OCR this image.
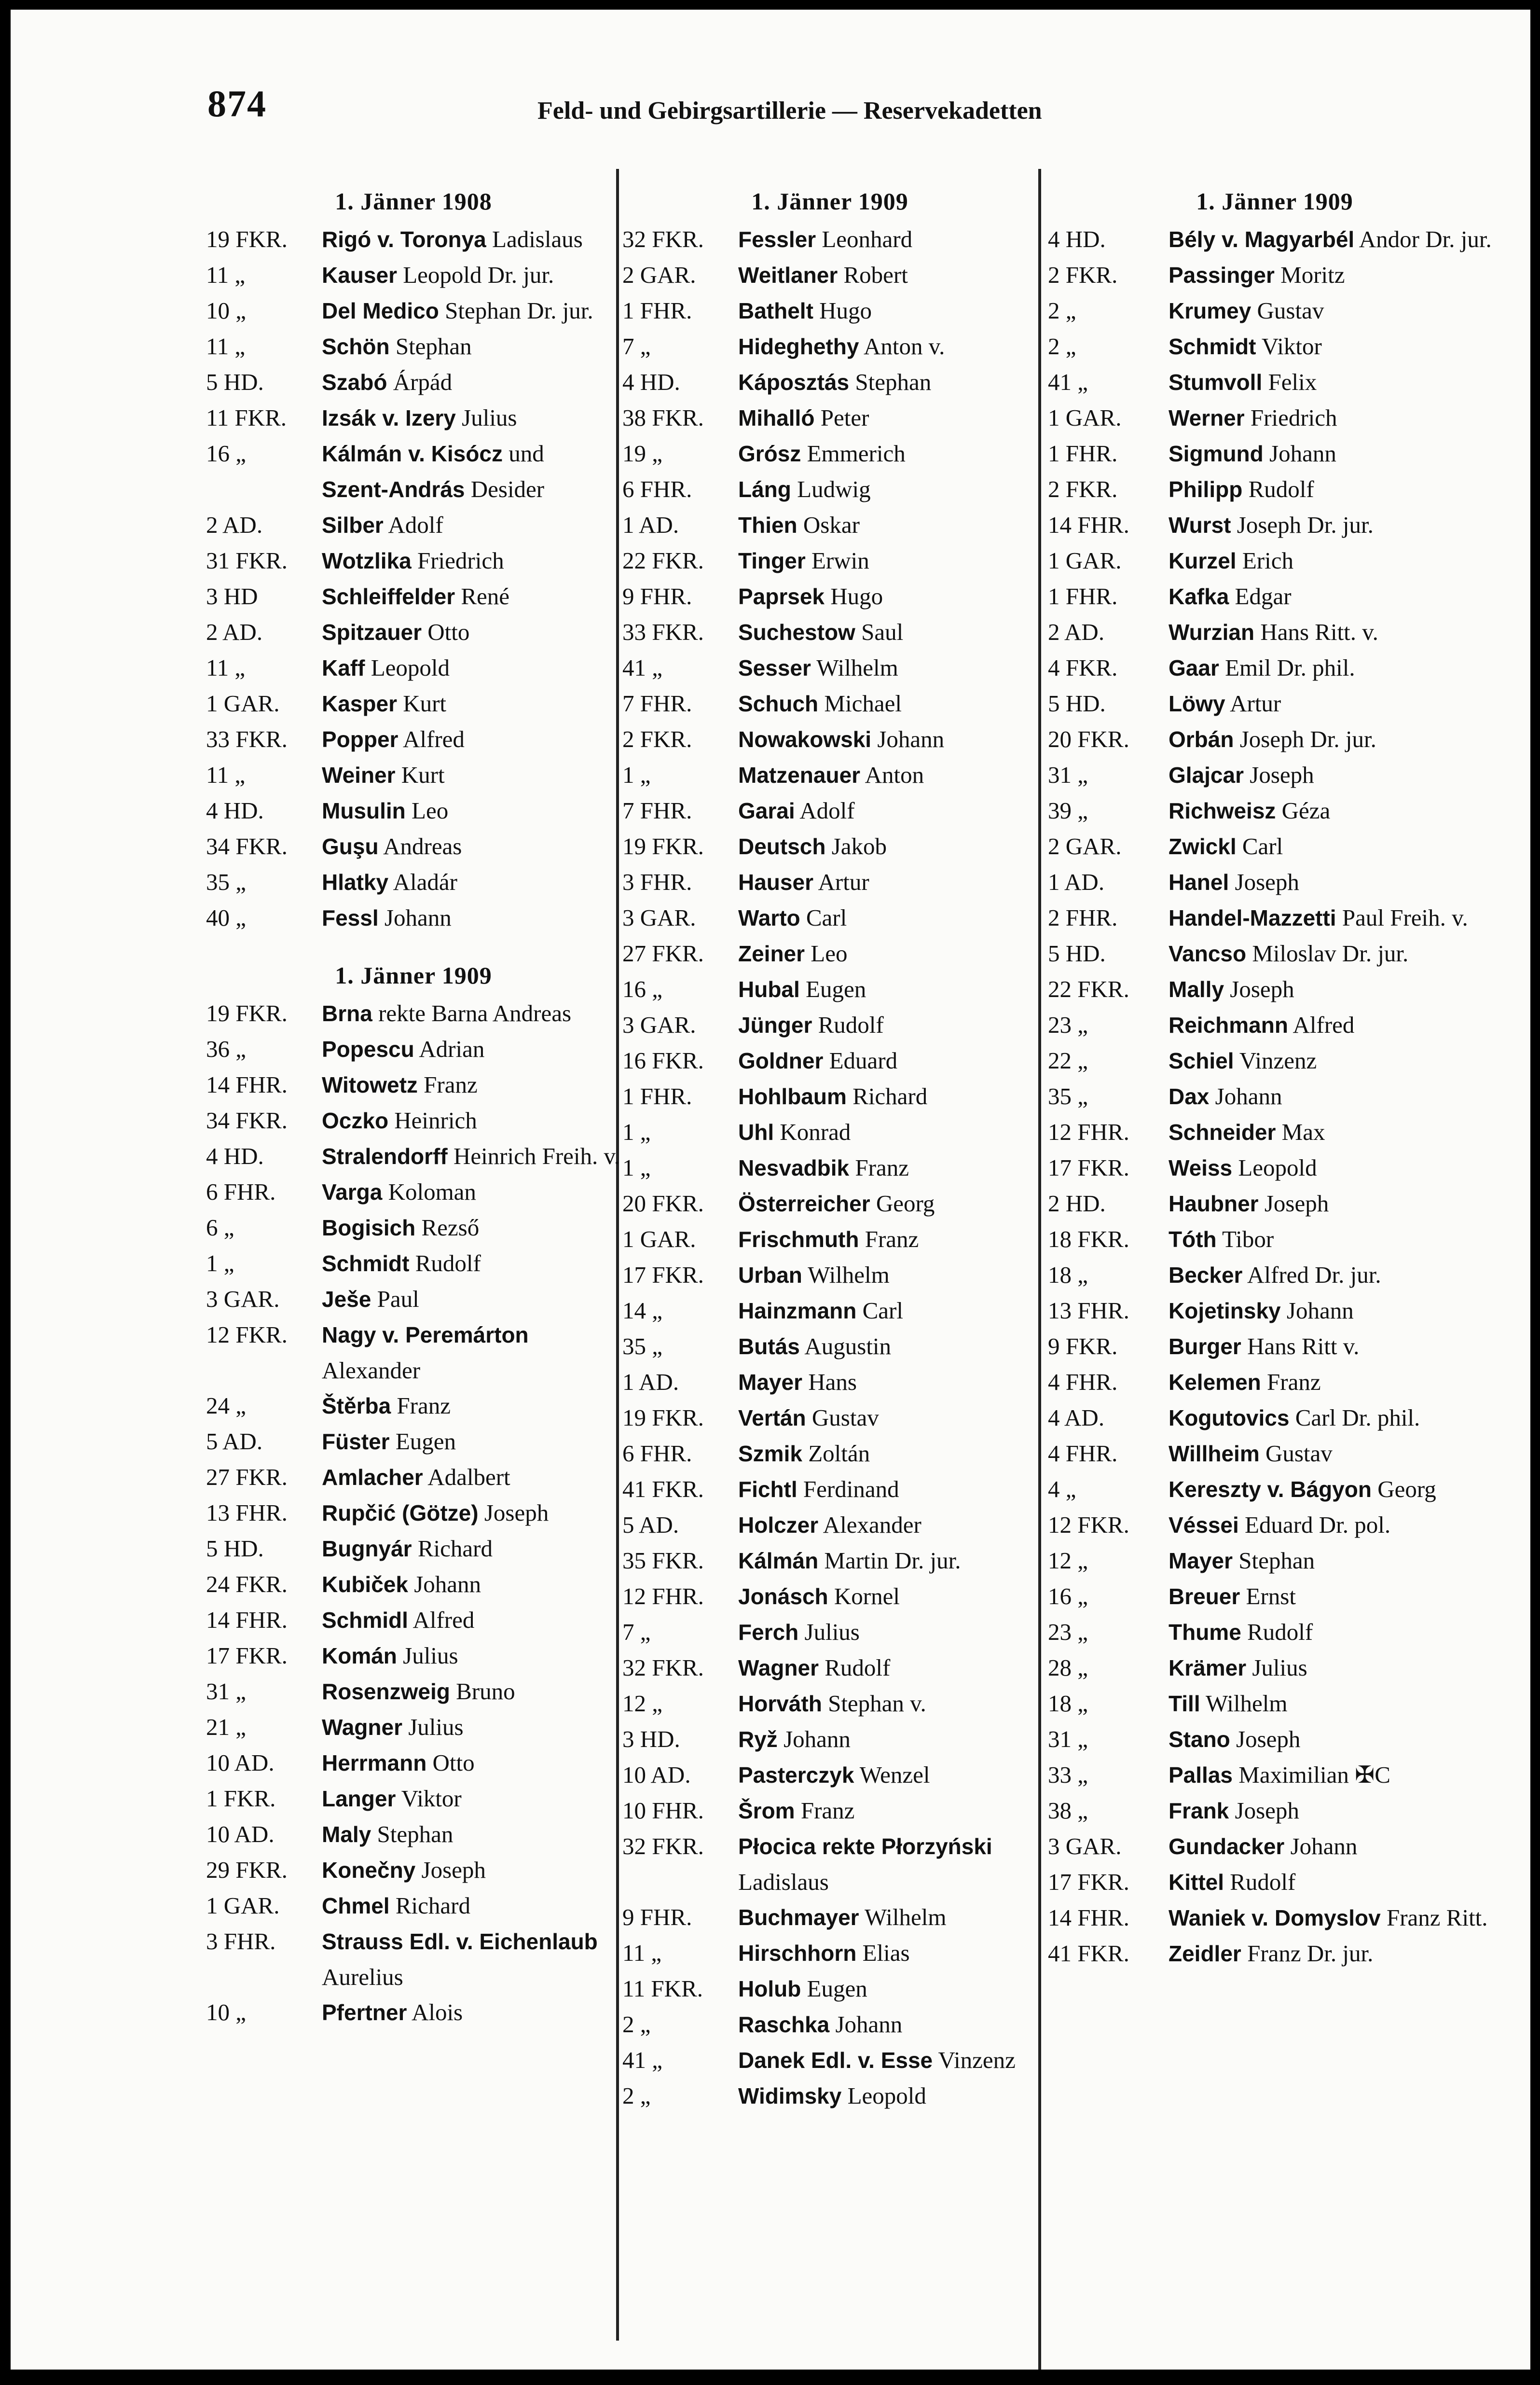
874	Feld- und Gebirgsartillerie — Reservekadetten
1. Jänner 1908
19 FKR.	Rigó v. Toronya Ladislaus
11 „	Kauser Leopold Dr. jur.
10 „	Del Medico Stephan Dr. jur.
11 „	Schön Stephan
5 HD.	Szabó Árpád
11 FKR.	Izsák v. Izery Julius
16 „	Kálmán v. Kisócz und
Szent-András Desider
2 AD.	Silber Adolf
31 FKR.	Wotzlika Friedrich
3 HD	Schleiffelder René
2 AD.	Spitzauer Otto
11 „	Kaff Leopold
1 GAR.	Kasper Kurt
33 FKR.	Popper Alfred
11 „	Weiner Kurt
4 HD.	Musulin Leo
34 FKR.	Guşu Andreas
35 „	Hlatky Aladár
40 „	Fessl Johann
1. Jänner 1909
19 FKR.	Brna rekte Barna Andreas
36 „	Popescu Adrian
14 FHR.	Witowetz Franz
34 FKR.	Oczko Heinrich
4 HD.	Stralendorff Heinrich Freih. v.
6 FHR.	Varga Koloman
6 „	Bogisich Rezső
1 „	Schmidt Rudolf
3 GAR.	Ješe Paul
12 FKR.	Nagy v. Peremárton Alexander
24 „	Štěrba Franz
5 AD.	Füster Eugen
27 FKR.	Amlacher Adalbert
13 FHR.	Rupčić (Götze) Joseph
5 HD.	Bugnyár Richard
24 FKR.	Kubiček Johann
14 FHR.	Schmidl Alfred
17 FKR.	Komán Julius
31 „	Rosenzweig Bruno
21 „	Wagner Julius
10 AD.	Herrmann Otto
1 FKR.	Langer Viktor
10 AD.	Maly Stephan
29 FKR.	Konečny Joseph
1 GAR.	Chmel Richard
3 FHR.	Strauss Edl. v. Eichenlaub Aurelius
10 „	Pfertner Alois
1. Jänner 1909
32 FKR.	Fessler Leonhard
2 GAR.	Weitlaner Robert
1 FHR.	Bathelt Hugo
7 „	Hideghethy Anton v.
4 HD.	Káposztás Stephan
38 FKR.	Mihalló Peter
19 „	Grósz Emmerich
6 FHR.	Láng Ludwig
1 AD.	Thien Oskar
22 FKR.	Tinger Erwin
9 FHR.	Paprsek Hugo
33 FKR.	Suchestow Saul
41 „	Sesser Wilhelm
7 FHR.	Schuch Michael
2 FKR.	Nowakowski Johann
1 „	Matzenauer Anton
7 FHR.	Garai Adolf
19 FKR.	Deutsch Jakob
3 FHR.	Hauser Artur
3 GAR.	Warto Carl
27 FKR.	Zeiner Leo
16 „	Hubal Eugen
3 GAR.	Jünger Rudolf
16 FKR.	Goldner Eduard
1 FHR.	Hohlbaum Richard
1 „	Uhl Konrad
1 „	Nesvadbik Franz
20 FKR.	Österreicher Georg
1 GAR.	Frischmuth Franz
17 FKR.	Urban Wilhelm
14 „	Hainzmann Carl
35 „	Butás Augustin
1 AD.	Mayer Hans
19 FKR.	Vertán Gustav
6 FHR.	Szmik Zoltán
41 FKR.	Fichtl Ferdinand
5 AD.	Holczer Alexander
35 FKR.	Kálmán Martin Dr. jur.
12 FHR.	Jonásch Kornel
7 „	Ferch Julius
32 FKR.	Wagner Rudolf
12 „	Horváth Stephan v.
3 HD.	Ryž Johann
10 AD.	Pasterczyk Wenzel
10 FHR.	Šrom Franz
32 FKR.	Płocica rekte Płorzyński Ladislaus
9 FHR.	Buchmayer Wilhelm
11 „	Hirschhorn Elias
11 FKR.	Holub Eugen
2 „	Raschka Johann
41 „	Danek Edl. v. Esse Vinzenz
2 „	Widimsky Leopold
1. Jänner 1909
4 HD.	Bély v. Magyarbél Andor Dr. jur.
2 FKR.	Passinger Moritz
2 „	Krumey Gustav
2 „	Schmidt Viktor
41 „	Stumvoll Felix
1 GAR.	Werner Friedrich
1 FHR.	Sigmund Johann
2 FKR.	Philipp Rudolf
14 FHR.	Wurst Joseph Dr. jur.
1 GAR.	Kurzel Erich
1 FHR.	Kafka Edgar
2 AD.	Wurzian Hans Ritt. v.
4 FKR.	Gaar Emil Dr. phil.
5 HD.	Löwy Artur
20 FKR.	Orbán Joseph Dr. jur.
31 „	Glajcar Joseph
39 „	Richweisz Géza
2 GAR.	Zwickl Carl
1 AD.	Hanel Joseph
2 FHR.	Handel-Mazzetti Paul Freih. v.
5 HD.	Vancso Miloslav Dr. jur.
22 FKR.	Mally Joseph
23 „	Reichmann Alfred
22 „	Schiel Vinzenz
35 „	Dax Johann
12 FHR.	Schneider Max
17 FKR.	Weiss Leopold
2 HD.	Haubner Joseph
18 FKR.	Tóth Tibor
18 „	Becker Alfred Dr. jur.
13 FHR.	Kojetinsky Johann
9 FKR.	Burger Hans Ritt v.
4 FHR.	Kelemen Franz
4 AD.	Kogutovics Carl Dr. phil.
4 FHR.	Willheim Gustav
4 „	Kereszty v. Bágyon Georg
12 FKR.	Véssei Eduard Dr. pol.
12 „	Mayer Stephan
16 „	Breuer Ernst
23 „	Thume Rudolf
28 „	Krämer Julius
18 „	Till Wilhelm
31 „	Stano Joseph
33 „	Pallas Maximilian ✠C
38 „	Frank Joseph
3 GAR.	Gundacker Johann
17 FKR.	Kittel Rudolf
14 FHR.	Waniek v. Domyslov Franz Ritt.
41 FKR.	Zeidler Franz Dr. jur.
